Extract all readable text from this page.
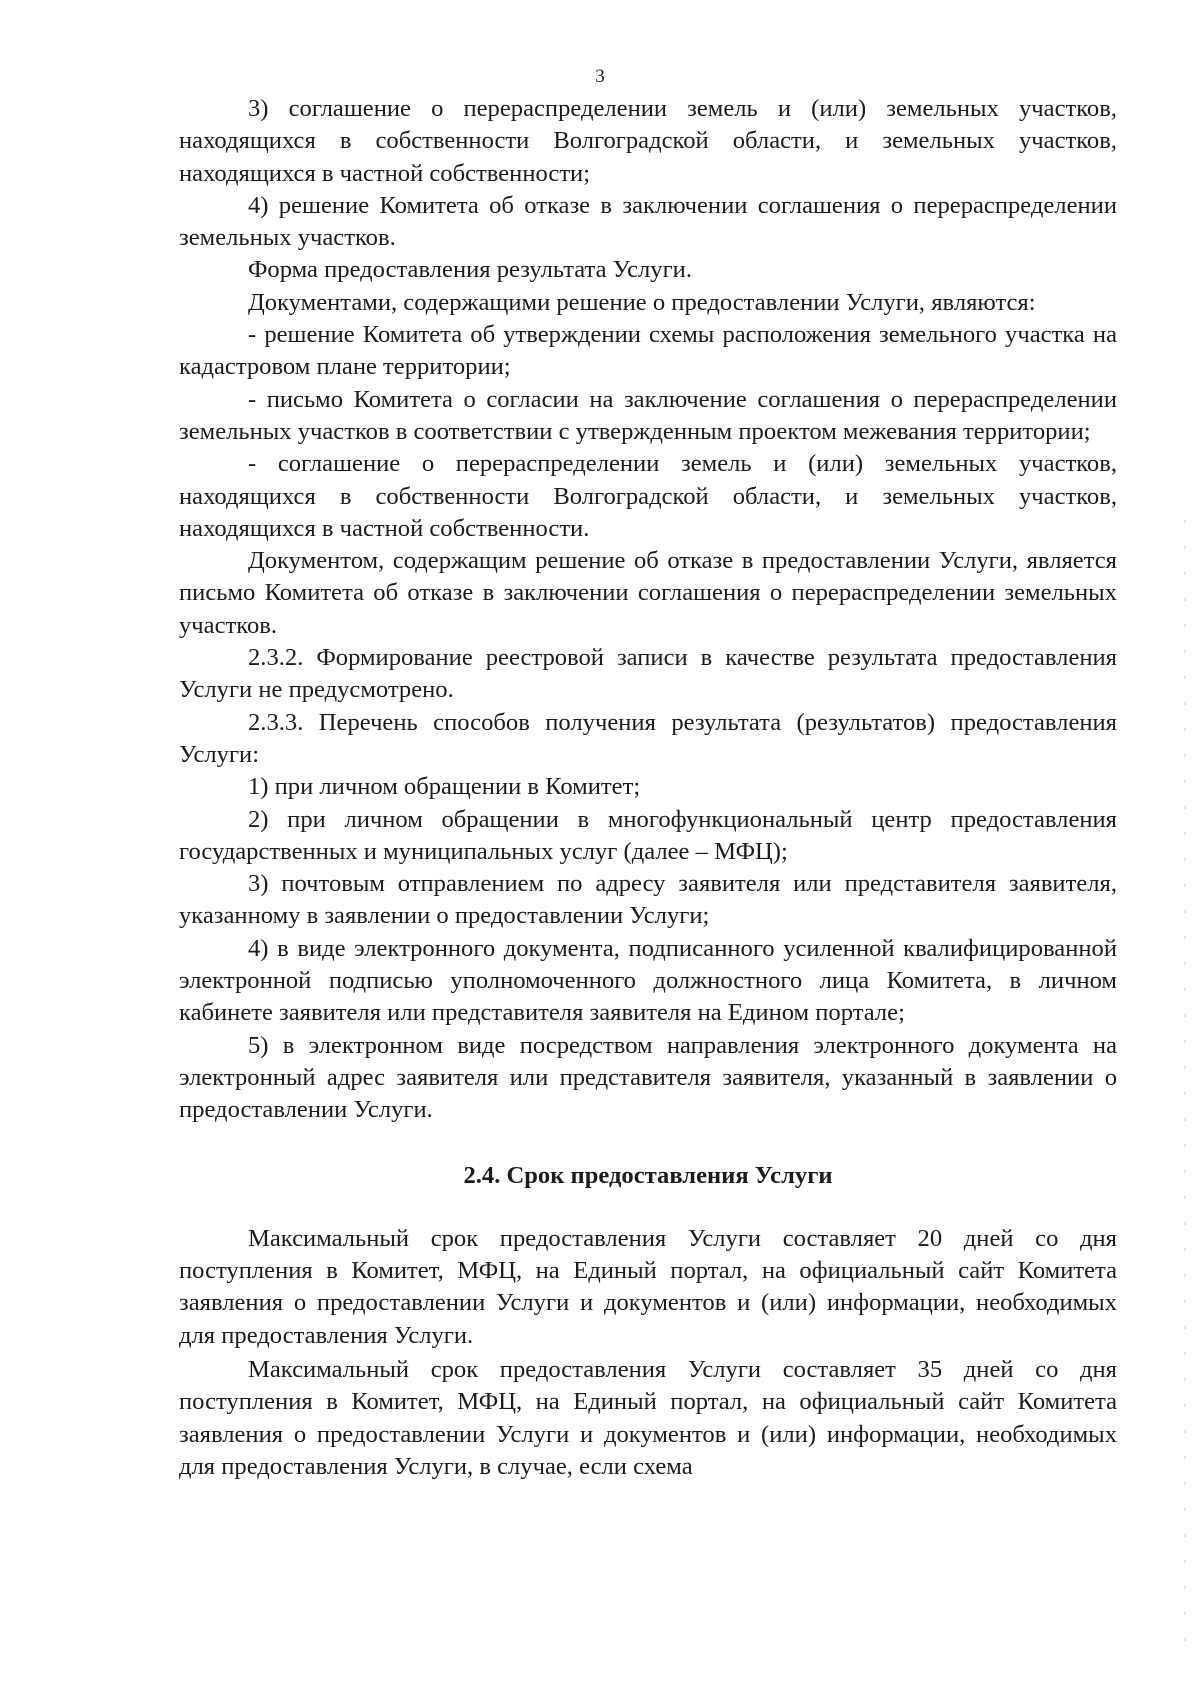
3

3) соглашение о перераспределении земель и (или) земельных участков, находящихся в собственности Волгоградской области, и земельных участков, находящихся в частной собственности;

4) решение Комитета об отказе в заключении соглашения о перераспределении земельных участков.

Форма предоставления результата Услуги.

Документами, содержащими решение о предоставлении Услуги, являются:

- решение Комитета об утверждении схемы расположения земельного участка на кадастровом плане территории;

- письмо Комитета о согласии на заключение соглашения о перераспределении земельных участков в соответствии с утвержденным проектом межевания территории;

- соглашение о перераспределении земель и (или) земельных участков, находящихся в собственности Волгоградской области, и земельных участков, находящихся в частной собственности.

Документом, содержащим решение об отказе в предоставлении Услуги, является письмо Комитета об отказе в заключении соглашения о перераспределении земельных участков.

2.3.2. Формирование реестровой записи в качестве результата предоставления Услуги не предусмотрено.

2.3.3. Перечень способов получения результата (результатов) предоставления Услуги:

1) при личном обращении в Комитет;

2) при личном обращении в многофункциональный центр предоставления государственных и муниципальных услуг (далее – МФЦ);

3) почтовым отправлением по адресу заявителя или представителя заявителя, указанному в заявлении о предоставлении Услуги;

4) в виде электронного документа, подписанного усиленной квалифицированной электронной подписью уполномоченного должностного лица Комитета, в личном кабинете заявителя или представителя заявителя на Едином портале;

5) в электронном виде посредством направления электронного документа на электронный адрес заявителя или представителя заявителя, указанный в заявлении о предоставлении Услуги.

2.4. Срок предоставления Услуги

Максимальный срок предоставления Услуги составляет 20 дней со дня поступления в Комитет, МФЦ, на Единый портал, на официальный сайт Комитета заявления о предоставлении Услуги и документов и (или) информации, необходимых для предоставления Услуги.

Максимальный срок предоставления Услуги составляет 35 дней со дня поступления в Комитет, МФЦ, на Единый портал, на официальный сайт Комитета заявления о предоставлении Услуги и документов и (или) информации, необходимых для предоставления Услуги, в случае, если схема
